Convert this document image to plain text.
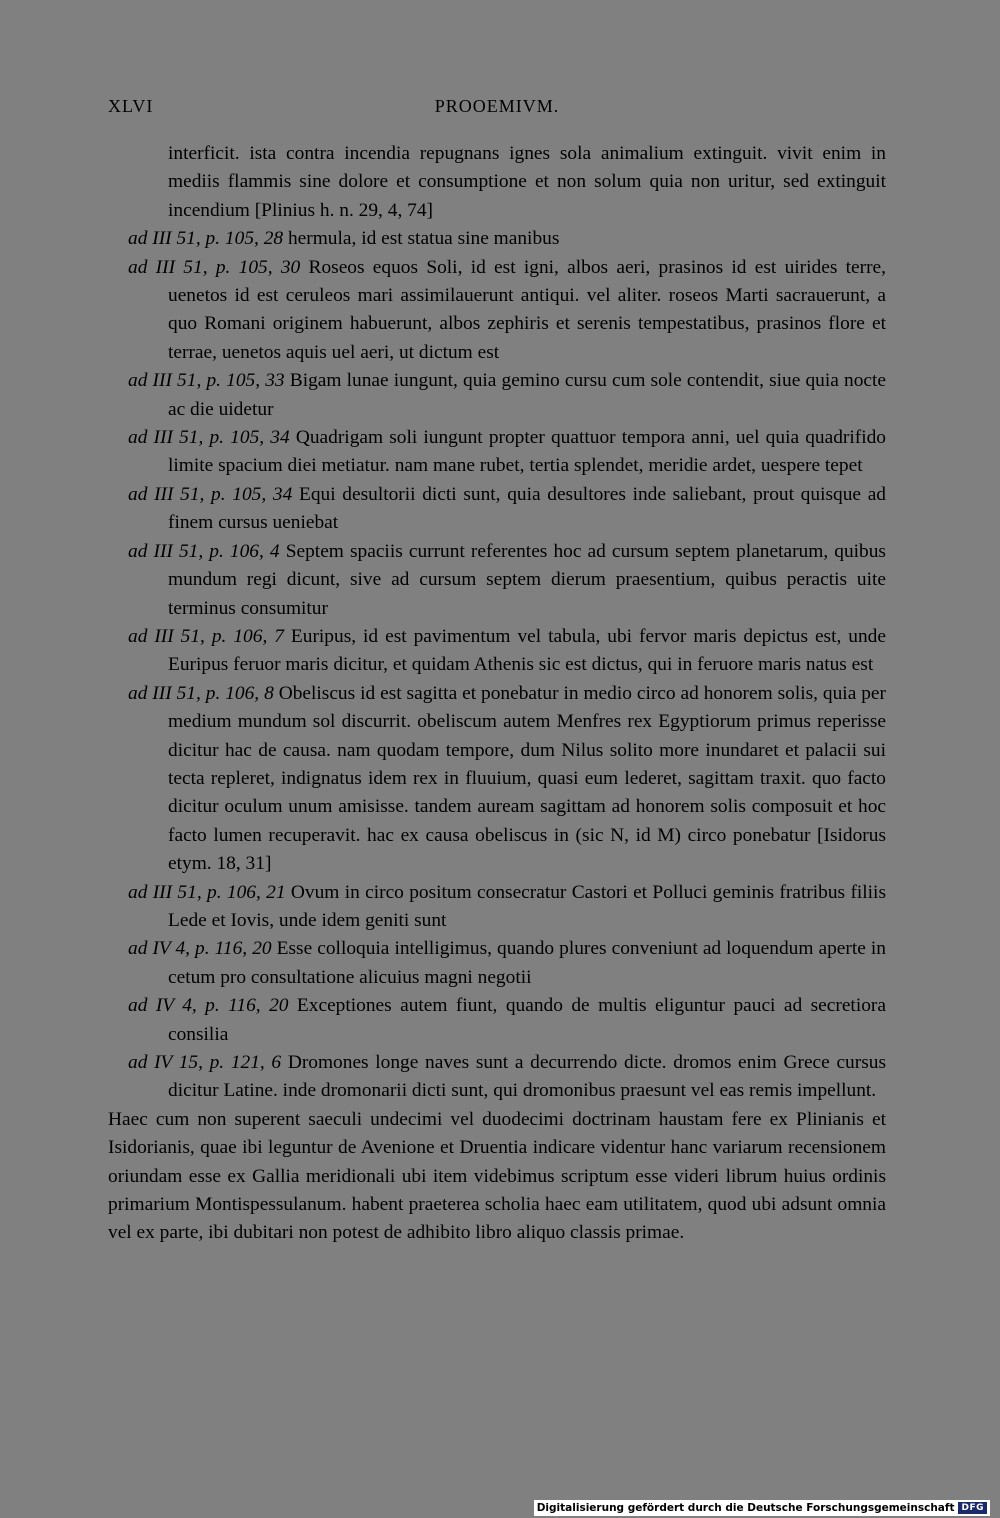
XLVI	PROOEMIVM.
interficit. ista contra incendia repugnans ignes sola animalium extinguit. vivit enim in mediis flammis sine dolore et consumptione et non solum quia non uritur, sed extinguit incendium [Plinius h. n. 29, 4, 74]
ad III 51, p. 105, 28 hermula, id est statua sine manibus
ad III 51, p. 105, 30 Roseos equos Soli, id est igni, albos aeri, prasinos id est uirides terre, uenetos id est ceruleos mari assimilauerunt antiqui. vel aliter. roseos Marti sacrauerunt, a quo Romani originem habuerunt, albos zephiris et serenis tempestatibus, prasinos flore et terrae, uenetos aquis uel aeri, ut dictum est
ad III 51, p. 105, 33 Bigam lunae iungunt, quia gemino cursu cum sole contendit, siue quia nocte ac die uidetur
ad III 51, p. 105, 34 Quadrigam soli iungunt propter quattuor tempora anni, uel quia quadrifido limite spacium diei metiatur. nam mane rubet, tertia splendet, meridie ardet, uespere tepet
ad III 51, p. 105, 34 Equi desultorii dicti sunt, quia desultores inde saliebant, prout quisque ad finem cursus ueniebat
ad III 51, p. 106, 4 Septem spaciis currunt referentes hoc ad cursum septem planetarum, quibus mundum regi dicunt, sive ad cursum septem dierum praesentium, quibus peractis uite terminus consumitur
ad III 51, p. 106, 7 Euripus, id est pavimentum vel tabula, ubi fervor maris depictus est, unde Euripus feruor maris dicitur, et quidam Athenis sic est dictus, qui in feruore maris natus est
ad III 51, p. 106, 8 Obeliscus id est sagitta et ponebatur in medio circo ad honorem solis, quia per medium mundum sol discurrit. obeliscum autem Menfres rex Egyptiorum primus reperisse dicitur hac de causa. nam quodam tempore, dum Nilus solito more inundaret et palacii sui tecta repleret, indignatus idem rex in fluuium, quasi eum lederet, sagittam traxit. quo facto dicitur oculum unum amisisse. tandem auream sagittam ad honorem solis composuit et hoc facto lumen recuperavit. hac ex causa obeliscus in (sic N, id M) circo ponebatur [Isidorus etym. 18, 31]
ad III 51, p. 106, 21 Ovum in circo positum consecratur Castori et Polluci geminis fratribus filiis Lede et Iovis, unde idem geniti sunt
ad IV 4, p. 116, 20 Esse colloquia intelligimus, quando plures conveniunt ad loquendum aperte in cetum pro consultatione alicuius magni negotii
ad IV 4, p. 116, 20 Exceptiones autem fiunt, quando de multis eliguntur pauci ad secretiora consilia
ad IV 15, p. 121, 6 Dromones longe naves sunt a decurrendo dicte. dromos enim Grece cursus dicitur Latine. inde dromonarii dicti sunt, qui dromonibus praesunt vel eas remis impellunt.
Haec cum non superent saeculi undecimi vel duodecimi doctrinam haustam fere ex Plinianis et Isidorianis, quae ibi leguntur de Avenione et Druentia indicare videntur hanc variarum recensionem oriundam esse ex Gallia meridionali ubi item videbimus scriptum esse videri librum huius ordinis primarium Montispessulanum. habent praeterea scholia haec eam utilitatem, quod ubi adsunt omnia vel ex parte, ibi dubitari non potest de adhibito libro aliquo classis primae.
Digitalisierung gefördert durch die Deutsche Forschungsgemeinschaft DFG
